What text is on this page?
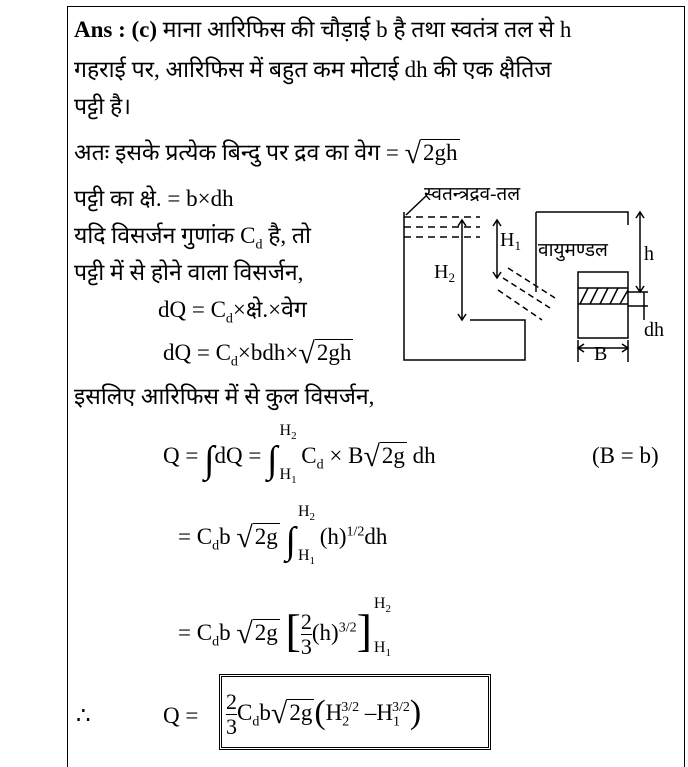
Ans : (c) माना आरिफिस की चौड़ाई b है तथा स्वतंत्र तल से h
गहराई पर, आरिफिस में बहुत कम मोटाई dh की एक क्षैतिज
पट्टी है।
अतः इसके प्रत्येक बिन्दु पर द्रव का वेग = √2gh
पट्टी का क्षे. = b×dh
यदि विसर्जन गुणांक $C_d$ है, तो
पट्टी में से होने वाला विसर्जन,
dQ = $C_d\times क्षे.\times वेग$
dQ = $C_d\times bdh\times√2gh$
इसलिए आरिफिस में से कुल विसर्जन,
Q = ∫dQ = ∫
$H_2$
$H_1$
$C_d \times B√2g$ dh	(B = b)
= $C_db$ √2g ∫
$H_2$
$H_1$
$(h)^{1/2}dh$
= $C_db$ √2g [ $\frac{2}{3} (h)^{3/2}$]
$H_2$
$H_1$
∴	$Q = \frac{2}{3} C_db√2g(H_2^{3/2}$ $-H_1^{3/2}$)
स्वतन्त्रद्रव-तल
$H_2$
$H_1$ वायुमण्डल h
dh
B
